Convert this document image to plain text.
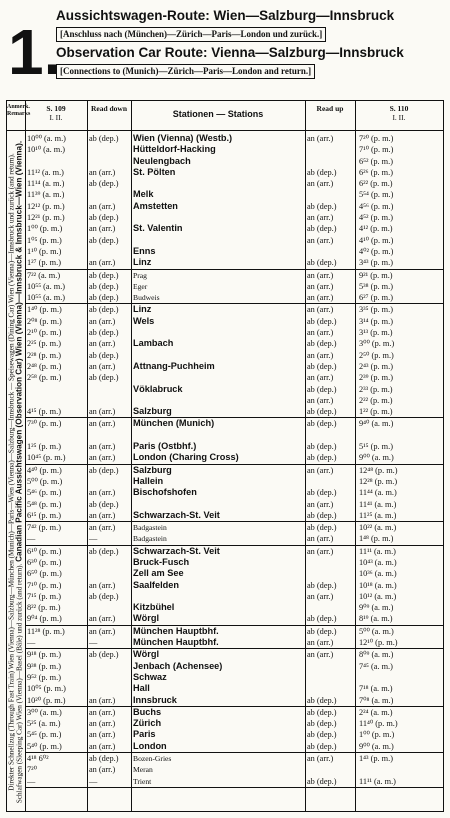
1.
Aussichtswagen-Route: Wien—Salzburg—Innsbruck
[Anschluss nach (München)—Zürich—Paris—London und zurück.]
Observation Car Route: Vienna—Salzburg—Innsbruck
[Connections to (Munich)—Zürich—Paris—London and return.]
Anmerk. Remarks
S. 109
I. II.
Read down
Stationen — Stations
Read up	S. 110
I. II.
Direkter Schnellzug (Through Fast Train) Wien (Vienna)—Salzburg—München (Munich)—Paris—Wien (Vienna)—Salzburg—Innsbruck — Speisewagen (Dining Car) Wien (Vienna)—Innsbruck und zurück (and return). Schlafwagen (Sleeping Car) Wien (Vienna)—Basel (Bâle) und zurück (and return). Canadian Pacific Aussichtswagen (Observation Car) Wien (Vienna)—Innsbruck & Innsbruck—Wien (Vienna).
10⁰⁰ (a. m.)	ab (dep.)	Wien (Vienna) (Westb.)	an (arr.)	7²⁰ (p. m.)
10¹⁰ (a. m.)	Hütteldorf-Hacking	7¹⁰ (p. m.)
Neulengbach	6⁵² (p. m.)
11¹² (a. m.)	an (arr.)	St. Pölten	ab (dep.)	6²⁶ (p. m.)
11¹⁴ (a. m.)	ab (dep.)	an (arr.)	6²² (p. m.)
11³⁹ (a. m.)	Melk	5⁵⁴ (p. m.)
12¹² (p. m.)	an (arr.)	Amstetten	ab (dep.)	4⁵⁶ (p. m.)
12²¹ (p. m.)	ab (dep.)	an (arr.)	4⁵² (p. m.)
1⁰⁰ (p. m.)	an (arr.)	St. Valentin	ab (dep.)	4¹² (p. m.)
1⁰⁵ (p. m.)	ab (dep.)	an (arr.)	4¹⁰ (p. m.)
1¹⁰ (p. m.)	Enns	4⁰² (p. m.)
1²⁷ (p. m.)	an (arr.)	Linz	ab (dep.)	3⁴³ (p. m.)
7²² (a. m.)	ab (dep.)	Prag	an (arr.)	9²¹ (p. m.)
10⁵⁵ (a. m.)	ab (dep.)	Eger	an (arr.)	5³⁸ (p. m.)
10⁵⁵ (a. m.)	ab (dep.)	Budweis	an (arr.)	6²⁷ (p. m.)
1⁴⁰ (p. m.)	ab (dep.)	Linz	an (arr.)	3³⁵ (p. m.)
2⁰⁸ (p. m.)	an (arr.)	Wels	ab (dep.)	3¹⁴ (p. m.)
2¹⁰ (p. m.)	ab (dep.)	an (arr.)	3¹³ (p. m.)
2²⁵ (p. m.)	an (arr.)	Lambach	ab (dep.)	3⁰⁰ (p. m.)
2²⁸ (p. m.)	ab (dep.)	an (arr.)	2⁵⁰ (p. m.)
2⁴⁸ (p. m.)	an (arr.)	Attnang-Puchheim	ab (dep.)	2⁴³ (p. m.)
2⁵⁸ (p. m.)	ab (dep.)	an (arr.)	2³⁹ (p. m.)
Vöklabruck	ab (dep.)	2³³ (p. m.)
an (arr.)	2²² (p. m.)
4¹⁵ (p. m.)	an (arr.)	Salzburg	ab (dep.)	1²² (p. m.)
7³⁰ (p. m.)	an (arr.)	München (Munich)	ab (dep.)	9⁴⁰ (a. m.)
1²⁵ (p. m.)	an (arr.)	Paris (Ostbhf.)	ab (dep.)	5¹⁵ (p. m.)
10⁴⁵ (p. m.)	an (arr.)	London (Charing Cross)	ab (dep.)	9⁰⁰ (a. m.)
4⁴⁰ (p. m.)	ab (dep.)	Salzburg	an (arr.)	12⁴⁸ (p. m.)
5⁰⁰ (p. m.)	Hallein	12²⁸ (p. m.)
5⁴⁶ (p. m.)	an (arr.)	Bischofshofen	ab (dep.)	11⁴⁴ (a. m.)
5⁴⁸ (p. m.)	ab (dep.)	an (arr.)	11⁴¹ (a. m.)
6¹⁵ (p. m.)	an (arr.)	Schwarzach-St. Veit	ab (dep.)	11²⁵ (a. m.)
7⁴² (p. m.)	an (arr.)	Badgastein	ab (dep.)	10²² (a. m.)
—	—	Badgastein	an (arr.)	1⁴⁸ (p. m.)
6¹⁰ (p. m.)	ab (dep.)	Schwarzach-St. Veit	an (arr.)	11¹¹ (a. m.)
6³⁰ (p. m.)	Bruck-Fusch	10⁴³ (a. m.)
6⁵⁰ (p. m.)	Zell am See	10³⁶ (a. m.)
7¹⁰ (p. m.)	an (arr.)	Saalfelden	ab (dep.)	10¹⁸ (a. m.)
7¹⁵ (p. m.)	ab (dep.)	an (arr.)	10¹² (a. m.)
8²² (p. m.)	Kitzbühel	9⁰⁹ (a. m.)
9⁰⁴ (p. m.)	an (arr.)	Wörgl	ab (dep.)	8¹⁹ (a. m.)
11²⁸ (p. m.)	an (arr.)	München Hauptbhf.	ab (dep.)	5⁰⁰ (a. m.)
—	—	München Hauptbhf.	an (arr.)	12¹⁰ (p. m.)
9¹⁸ (p. m.)	ab (dep.)	Wörgl	an (arr.)	8⁰⁹ (a. m.)
9³⁸ (p. m.)	Jenbach (Achensee)	7⁴⁵ (a. m.)
9⁵² (p. m.)	Schwaz
10⁰⁵ (p. m.)	Hall	7¹⁸ (a. m.)
10²⁰ (p. m.)	an (arr.)	Innsbruck	ab (dep.)	7⁰⁸ (a. m.)
3⁰⁰ (a. m.)	an (arr.)	Buchs	ab (dep.)	2²⁴ (a. m.)
5²⁵ (a. m.)	an (arr.)	Zürich	ab (dep.)	11⁴⁰ (p. m.)
5⁴⁵ (p. m.)	an (arr.)	Paris	ab (dep.)	1⁰⁰ (p. m.)
5⁴⁰ (p. m.)	an (arr.)	London	ab (dep.)	9⁰⁰ (a. m.)
4¹⁸ 6⁰²	ab (dep.)	Bozen-Gries	an (arr.)	1⁴³ (p. m.)
7²⁰	an (arr.)	Meran
—	—	Trient	ab (dep.)	11¹¹ (a. m.)
